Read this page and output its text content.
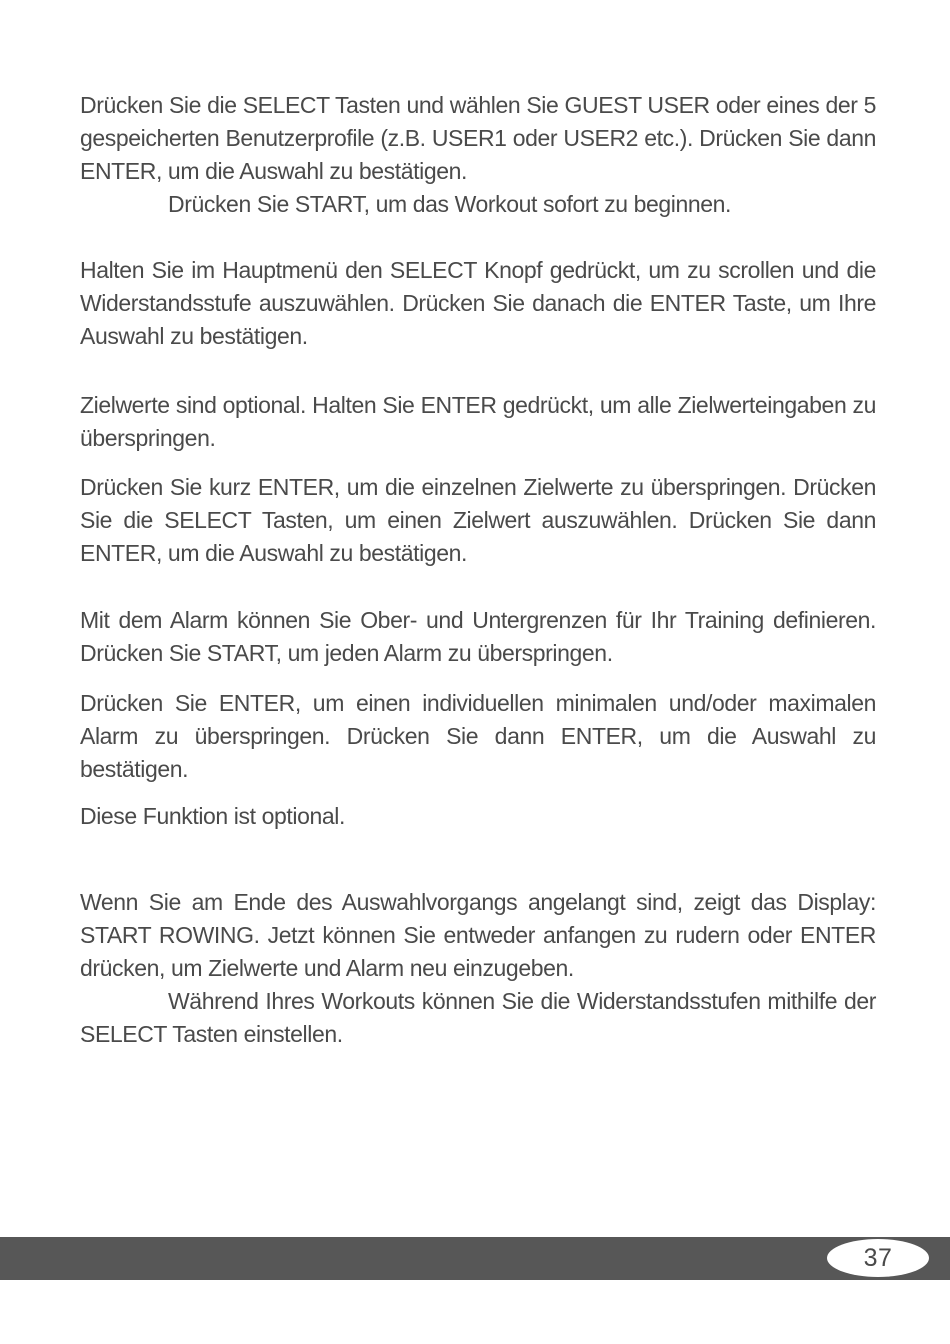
Drücken Sie die SELECT Tasten und wählen Sie GUEST USER oder eines der 5 gespeicherten Benutzerprofile (z.B. USER1 oder USER2 etc.). Drücken Sie dann ENTER, um die Auswahl zu bestätigen.

Drücken Sie START, um das Workout sofort zu beginnen.

Halten Sie im Hauptmenü den SELECT Knopf gedrückt, um zu scrollen und die Widerstandsstufe auszuwählen. Drücken Sie danach die ENTER Taste, um Ihre Auswahl zu bestätigen.

Zielwerte sind optional. Halten Sie ENTER gedrückt, um alle Zielwerteingaben zu überspringen.

Drücken Sie kurz ENTER, um die einzelnen Zielwerte zu überspringen. Drücken Sie die SELECT Tasten, um einen Zielwert auszuwählen. Drücken Sie dann ENTER, um die Auswahl zu bestätigen.

Mit dem Alarm können Sie Ober- und Untergrenzen für Ihr Training definieren. Drücken Sie START, um jeden Alarm zu überspringen.

Drücken Sie ENTER, um einen individuellen minimalen und/oder maximalen Alarm zu überspringen. Drücken Sie dann ENTER, um die Auswahl zu bestätigen.

Diese Funktion ist optional.

Wenn Sie am Ende des Auswahlvorgangs angelangt sind, zeigt das Display: START ROWING. Jetzt können Sie entweder anfangen zu rudern oder ENTER drücken, um Zielwerte und Alarm neu einzugeben.

Während Ihres Workouts können Sie die Widerstandsstufen mithilfe der SELECT Tasten einstellen.

37
